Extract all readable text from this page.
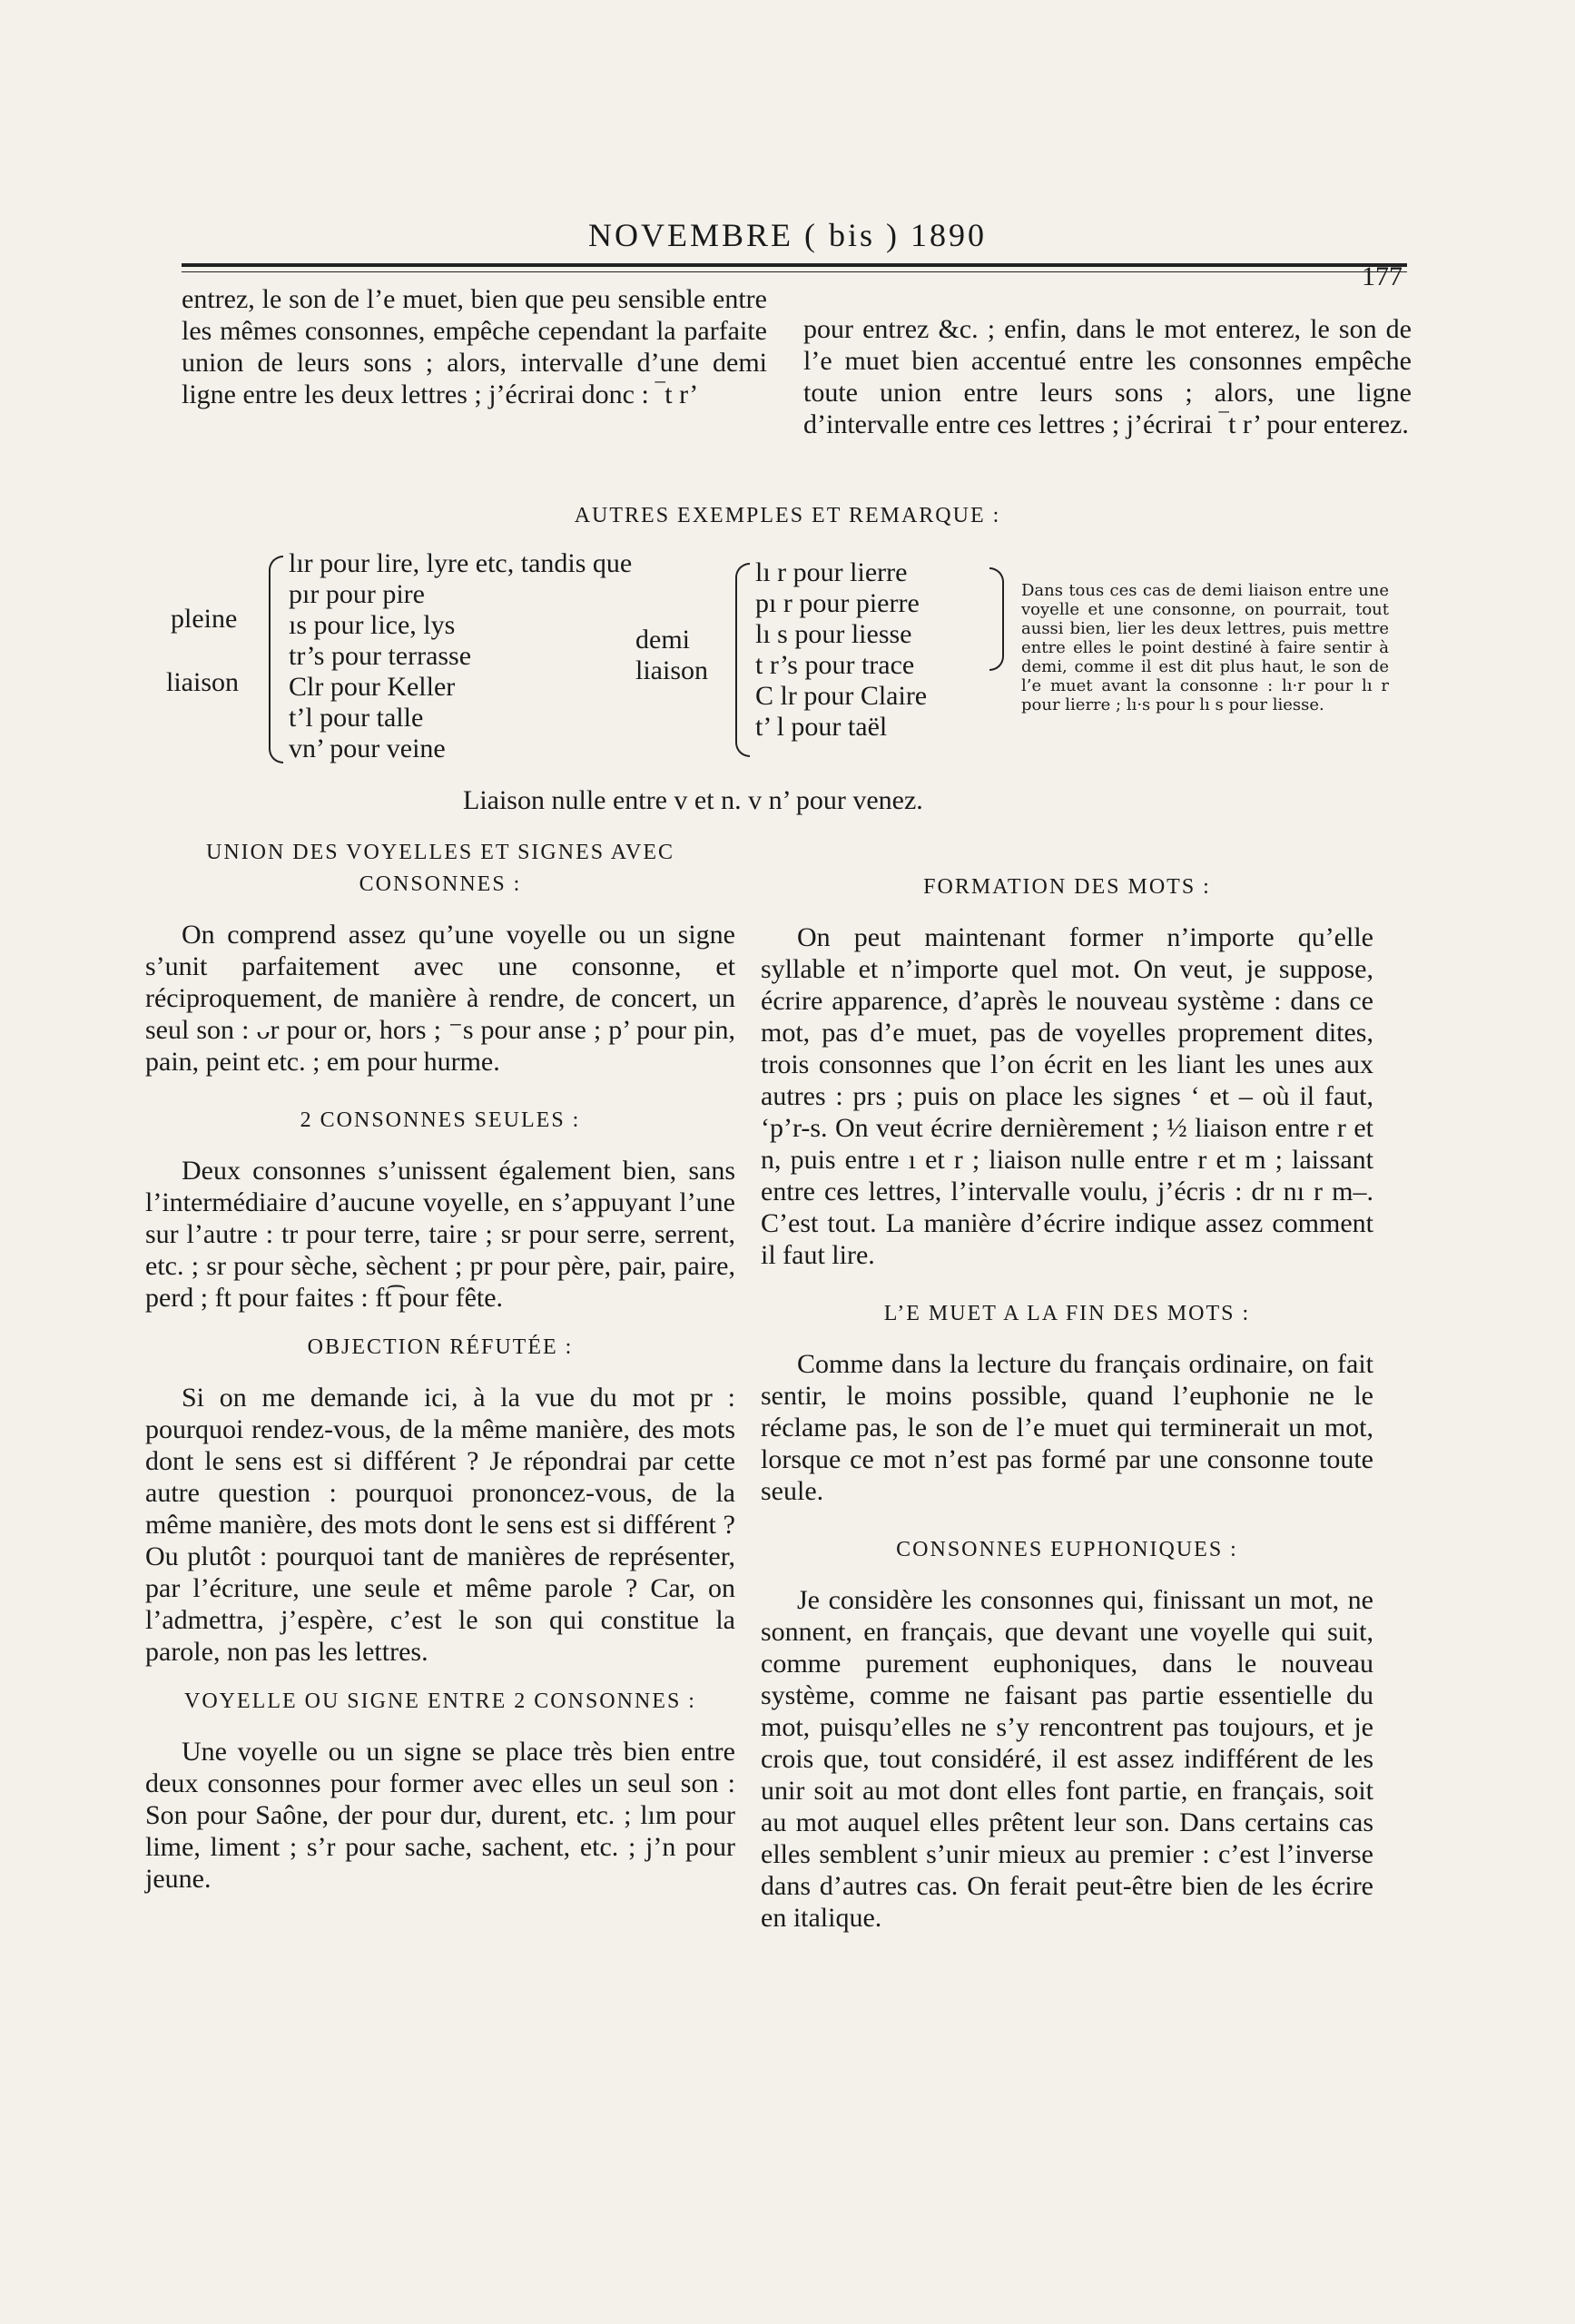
NOVEMBRE ( bis ) 1890
177

entrez, le son de l’e muet, bien que peu sensible entre les mêmes consonnes, empêche cependant la parfaite union de leurs sons ; alors, intervalle d’une demi ligne entre les deux lettres ; j’écrirai donc : ‾t r’

pour entrez &c. ; enfin, dans le mot enterez, le son de l’e muet bien accentué entre les consonnes empêche toute union entre leurs sons ; alors, une ligne d’intervalle entre ces lettres ; j’écrirai ‾t r’ pour enterez.

AUTRES EXEMPLES ET REMARQUE :
pleine
liaison
lır pour lire, lyre etc, tandis que
pır pour pire
ıs pour lice, lys
tr’s pour terrasse
Clr pour Keller
t’l pour talle
vn’ pour veine
demi
liaison
lı r pour lierre
pı r pour pierre
lı s pour liesse
t r’s pour trace
C lr pour Claire
t’ l pour taël
Dans tous ces cas de demi liaison entre une voyelle et une consonne, on pourrait, tout aussi bien, lier les deux lettres, puis mettre entre elles le point destiné à faire sentir à demi, comme il est dit plus haut, le son de l’e muet avant la consonne : lı·r pour lı r pour lierre ; lı·s pour lı s pour liesse.
Liaison nulle entre v et n. v n’ pour venez.

UNION DES VOYELLES ET SIGNES AVEC CONSONNES :

On comprend assez qu’une voyelle ou un signe s’unit parfaitement avec une consonne, et réciproquement, de manière à rendre, de concert, un seul son : ᴗr pour or, hors ; ⁻s pour anse ; p’ pour pin, pain, peint etc. ; em pour hurme.

2 CONSONNES SEULES :

Deux consonnes s’unissent également bien, sans l’intermédiaire d’aucune voyelle, en s’appuyant l’une sur l’autre : tr pour terre, taire ; sr pour serre, serrent, etc. ; sr pour sèche, sèchent ; pr pour père, pair, paire, perd ; ft pour faites : ft͡ pour fête.

OBJECTION RÉFUTÉE :

Si on me demande ici, à la vue du mot pr : pourquoi rendez-vous, de la même manière, des mots dont le sens est si différent ? Je répondrai par cette autre question : pourquoi prononcez-vous, de la même manière, des mots dont le sens est si différent ? Ou plutôt : pourquoi tant de manières de représenter, par l’écriture, une seule et même parole ? Car, on l’admettra, j’espère, c’est le son qui constitue la parole, non pas les lettres.

VOYELLE OU SIGNE ENTRE 2 CONSONNES :

Une voyelle ou un signe se place très bien entre deux consonnes pour former avec elles un seul son : Son pour Saône, der pour dur, durent, etc. ; lım pour lime, liment ; s’r pour sache, sachent, etc. ; j’n pour jeune.

FORMATION DES MOTS :

On peut maintenant former n’importe qu’elle syllable et n’importe quel mot. On veut, je suppose, écrire apparence, d’après le nouveau système : dans ce mot, pas d’e muet, pas de voyelles proprement dites, trois consonnes que l’on écrit en les liant les unes aux autres : prs ; puis on place les signes ‘ et – où il faut, ‘p’r-s. On veut écrire dernièrement ; ½ liaison entre r et n, puis entre ı et r ; liaison nulle entre r et m ; laissant entre ces lettres, l’intervalle voulu, j’écris : dr nı r m–. C’est tout. La manière d’écrire indique assez comment il faut lire.

L’E MUET A LA FIN DES MOTS :

Comme dans la lecture du français ordinaire, on fait sentir, le moins possible, quand l’euphonie ne le réclame pas, le son de l’e muet qui terminerait un mot, lorsque ce mot n’est pas formé par une consonne toute seule.

CONSONNES EUPHONIQUES :

Je considère les consonnes qui, finissant un mot, ne sonnent, en français, que devant une voyelle qui suit, comme purement euphoniques, dans le nouveau système, comme ne faisant pas partie essentielle du mot, puisqu’elles ne s’y rencontrent pas toujours, et je crois que, tout considéré, il est assez indifférent de les unir soit au mot dont elles font partie, en français, soit au mot auquel elles prêtent leur son. Dans certains cas elles semblent s’unir mieux au premier : c’est l’inverse dans d’autres cas. On ferait peut-être bien de les écrire en italique.
